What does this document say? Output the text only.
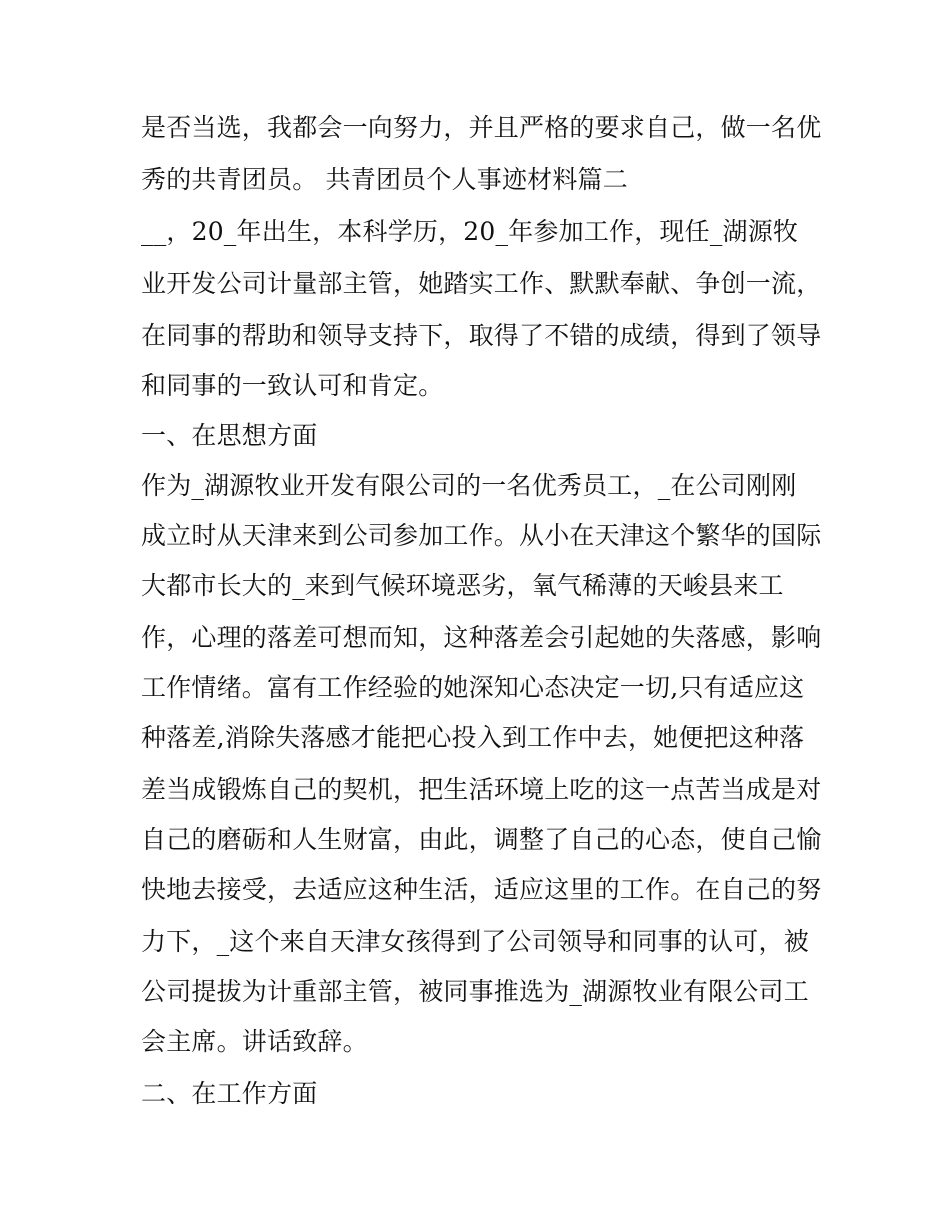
是否当选，我都会一向努力，并且严格的要求自己，做一名优
秀的共青团员。 共青团员个人事迹材料篇二
__，20_年出生，本科学历，20_年参加工作，现任_湖源牧
业开发公司计量部主管，她踏实工作、默默奉献、争创一流，
在同事的帮助和领导支持下，取得了不错的成绩，得到了领导
和同事的一致认可和肯定。
一、在思想方面
作为_湖源牧业开发有限公司的一名优秀员工，_在公司刚刚
成立时从天津来到公司参加工作。从小在天津这个繁华的国际
大都市长大的_来到气候环境恶劣，氧气稀薄的天峻县来工
作，心理的落差可想而知，这种落差会引起她的失落感，影响
工作情绪。富有工作经验的她深知心态决定一切,只有适应这
种落差,消除失落感才能把心投入到工作中去，她便把这种落
差当成锻炼自己的契机，把生活环境上吃的这一点苦当成是对
自己的磨砺和人生财富，由此，调整了自己的心态，使自己愉
快地去接受，去适应这种生活，适应这里的工作。在自己的努
力下，_这个来自天津女孩得到了公司领导和同事的认可，被
公司提拔为计重部主管，被同事推选为_湖源牧业有限公司工
会主席。讲话致辞。
二、在工作方面
